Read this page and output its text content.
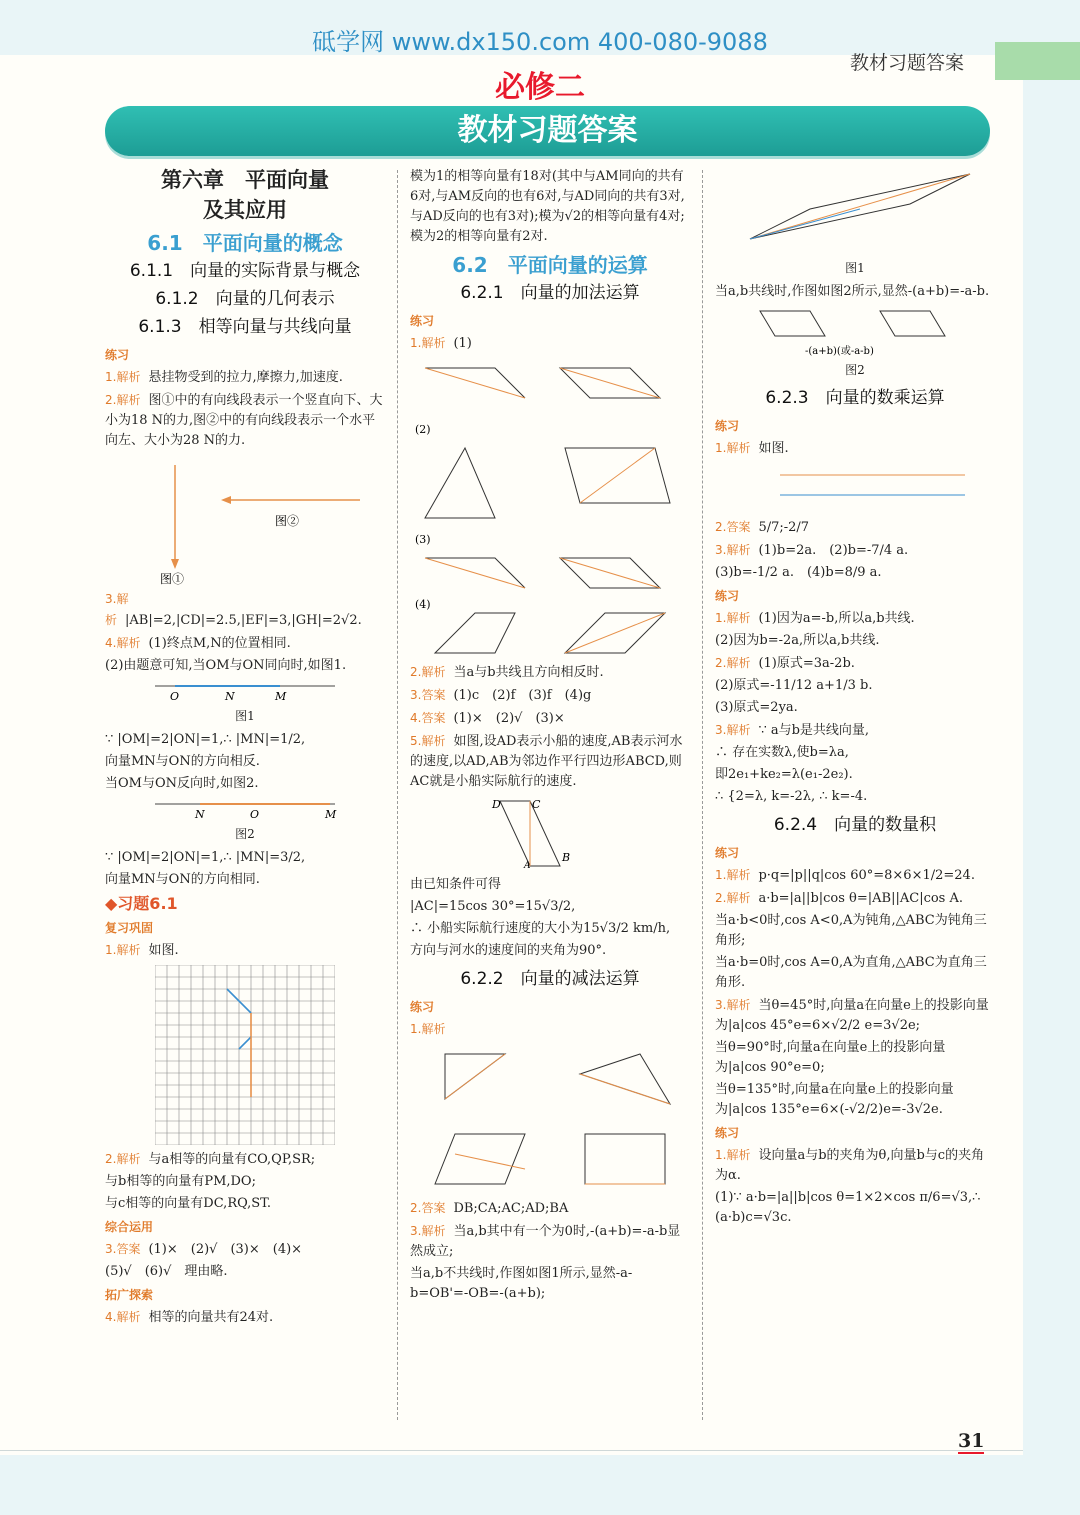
砥学网 www.dx150.com 400-080-9088
教材习题答案
必修二
教材习题答案
第六章　平面向量
及其应用
6.1　平面向量的概念
6.1.1　向量的实际背景与概念
6.1.2　向量的几何表示
6.1.3　相等向量与共线向量
练习
1.解析 悬挂物受到的拉力,摩擦力,加速度.
2.解析 图①中的有向线段表示一个竖直向下、大小为18 N的力,图②中的有向线段表示一个水平向左、大小为28 N的力.
图②
图①
3.解析 |AB|=2,|CD|=2.5,|EF|=3,|GH|=2√2.
4.解析 (1)终点M,N的位置相同.
(2)由题意可知,当OM与ON同向时,如图1.
O	N	M
图1
∵ |OM|=2|ON|=1,∴ |MN|=1/2,
向量MN与ON的方向相反.
当OM与ON反向时,如图2.
N	O	M
图2
∵ |OM|=2|ON|=1,∴ |MN|=3/2,
向量MN与ON的方向相同.
◆习题6.1
复习巩固
1.解析 如图.
2.解析 与a相等的向量有CO,QP,SR;
与b相等的向量有PM,DO;
与c相等的向量有DC,RQ,ST.
综合运用
3.答案 (1)×　(2)√　(3)×　(4)×
(5)√　(6)√　理由略.
拓广探索
4.解析 相等的向量共有24对.
模为1的相等向量有18对(其中与AM同向的共有6对,与AM反向的也有6对,与AD同向的共有3对,与AD反向的也有3对);模为√2的相等向量有4对;模为2的相等向量有2对.
6.2　平面向量的运算
6.2.1　向量的加法运算
练习
1.解析 (1)
(2)
(3)
(4)
2.解析 当a与b共线且方向相反时.
3.答案 (1)c　(2)f　(3)f　(4)g
4.答案 (1)×　(2)√　(3)×
5.解析 如图,设AD表示小船的速度,AB表示河水的速度,以AD,AB为邻边作平行四边形ABCD,则AC就是小船实际航行的速度.
D	C
A
B
由已知条件可得
|AC|=15cos 30°=15√3/2,
∴ 小船实际航行速度的大小为15√3/2 km/h,
方向与河水的速度间的夹角为90°.
6.2.2　向量的减法运算
练习
1.解析
2.答案 DB;CA;AC;AD;BA
3.解析 当a,b其中有一个为0时,-(a+b)=-a-b显然成立;
当a,b不共线时,作图如图1所示,显然-a-b=OB'=-OB=-(a+b);
图1
当a,b共线时,作图如图2所示,显然-(a+b)=-a-b.
-(a+b)(或-a-b)
图2
6.2.3　向量的数乘运算
练习
1.解析 如图.
2.答案 5/7;-2/7
3.解析 (1)b=2a.　(2)b=-7/4 a.
(3)b=-1/2 a.　(4)b=8/9 a.
练习
1.解析 (1)因为a=-b,所以a,b共线.
(2)因为b=-2a,所以a,b共线.
2.解析 (1)原式=3a-2b.
(2)原式=-11/12 a+1/3 b.
(3)原式=2ya.
3.解析 ∵ a与b是共线向量,
∴ 存在实数λ,使b=λa,
即2e₁+ke₂=λ(e₁-2e₂).
∴ {2=λ, k=-2λ, ∴ k=-4.
6.2.4　向量的数量积
练习
1.解析 p·q=|p||q|cos 60°=8×6×1/2=24.
2.解析 a·b=|a||b|cos θ=|AB||AC|cos A.
当a·b<0时,cos A<0,A为钝角,△ABC为钝角三角形;
当a·b=0时,cos A=0,A为直角,△ABC为直角三角形.
3.解析 当θ=45°时,向量a在向量e上的投影向量为|a|cos 45°e=6×√2/2 e=3√2e;
当θ=90°时,向量a在向量e上的投影向量为|a|cos 90°e=0;
当θ=135°时,向量a在向量e上的投影向量为|a|cos 135°e=6×(-√2/2)e=-3√2e.
练习
1.解析 设向量a与b的夹角为θ,向量b与c的夹角为α.
(1)∵ a·b=|a||b|cos θ=1×2×cos π/6=√3,∴ (a·b)c=√3c.
31
